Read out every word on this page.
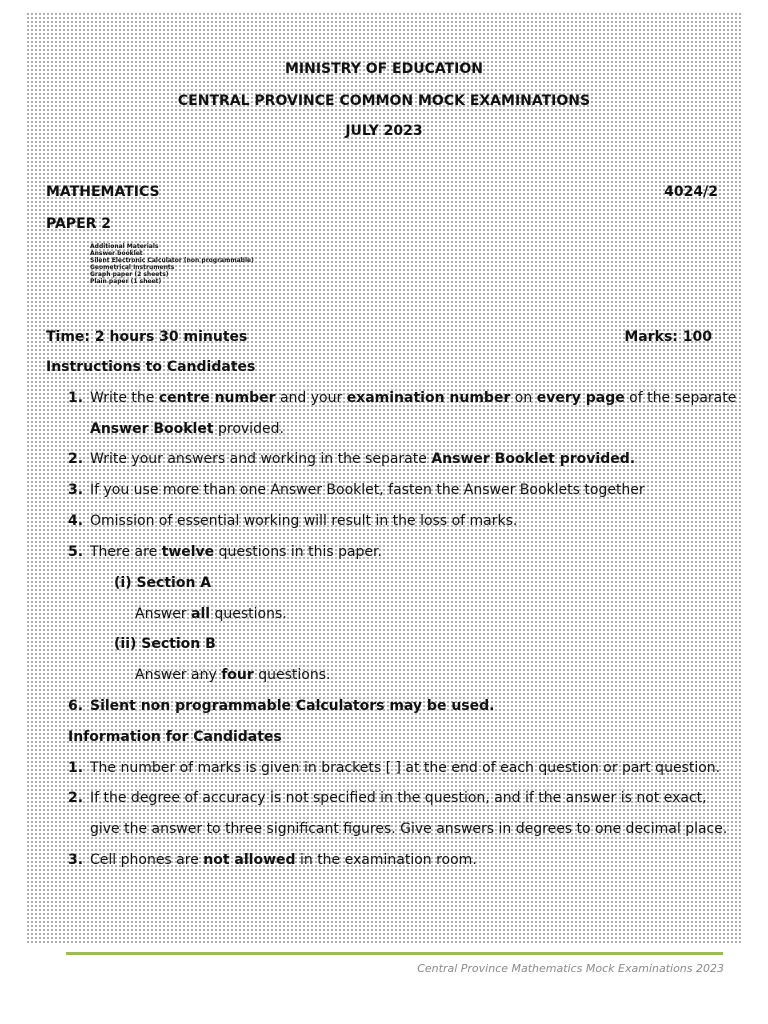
MINISTRY OF EDUCATION
CENTRAL PROVINCE COMMON MOCK EXAMINATIONS
JULY 2023
MATHEMATICS	4024/2
PAPER 2
Additional Materials
Answer booklet
Silent Electronic Calculator (non programmable)
Geometrical Instruments
Graph paper (2 sheets)
Plain paper (1 sheet)
Time: 2 hours 30 minutes	Marks: 100
Instructions to Candidates
1. Write the centre number and your examination number on every page of the separate
Answer Booklet provided.
2. Write your answers and working in the separate Answer Booklet provided.
3. If you use more than one Answer Booklet, fasten the Answer Booklets together
4. Omission of essential working will result in the loss of marks.
5. There are twelve questions in this paper.
(i) Section A
Answer all questions.
(ii) Section B
Answer any four questions.
6. Silent non programmable Calculators may be used.
Information for Candidates
1. The number of marks is given in brackets [ ] at the end of each question or part question.
2. If the degree of accuracy is not specified in the question, and if the answer is not exact,
give the answer to three significant figures. Give answers in degrees to one decimal place.
3. Cell phones are not allowed in the examination room.
Central Province Mathematics Mock Examinations 2023
